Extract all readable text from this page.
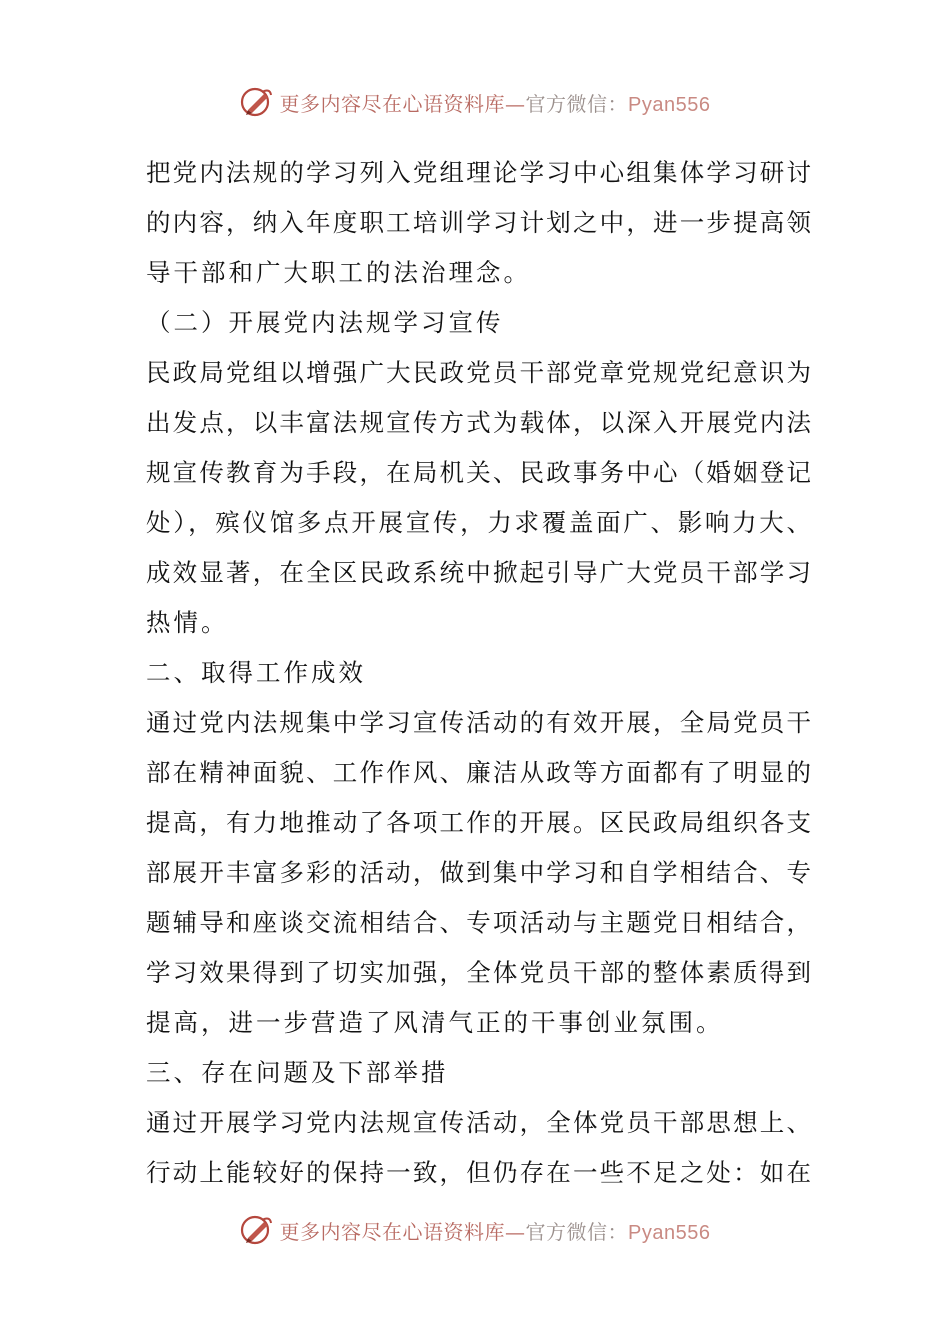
更多内容尽在心语资料库—官方微信：Pyan556
把党内法规的学习列入党组理论学习中心组集体学习研讨
的内容，纳入年度职工培训学习计划之中，进一步提高领
导干部和广大职工的法治理念。
（二）开展党内法规学习宣传
民政局党组以增强广大民政党员干部党章党规党纪意识为
出发点，以丰富法规宣传方式为载体，以深入开展党内法
规宣传教育为手段，在局机关、民政事务中心（婚姻登记
处），殡仪馆多点开展宣传，力求覆盖面广、影响力大、
成效显著，在全区民政系统中掀起引导广大党员干部学习
热情。
二、取得工作成效
通过党内法规集中学习宣传活动的有效开展，全局党员干
部在精神面貌、工作作风、廉洁从政等方面都有了明显的
提高，有力地推动了各项工作的开展。区民政局组织各支
部展开丰富多彩的活动，做到集中学习和自学相结合、专
题辅导和座谈交流相结合、专项活动与主题党日相结合，
学习效果得到了切实加强，全体党员干部的整体素质得到
提高，进一步营造了风清气正的干事创业氛围。
三、存在问题及下部举措
通过开展学习党内法规宣传活动，全体党员干部思想上、
行动上能较好的保持一致，但仍存在一些不足之处：如在
更多内容尽在心语资料库—官方微信：Pyan556
